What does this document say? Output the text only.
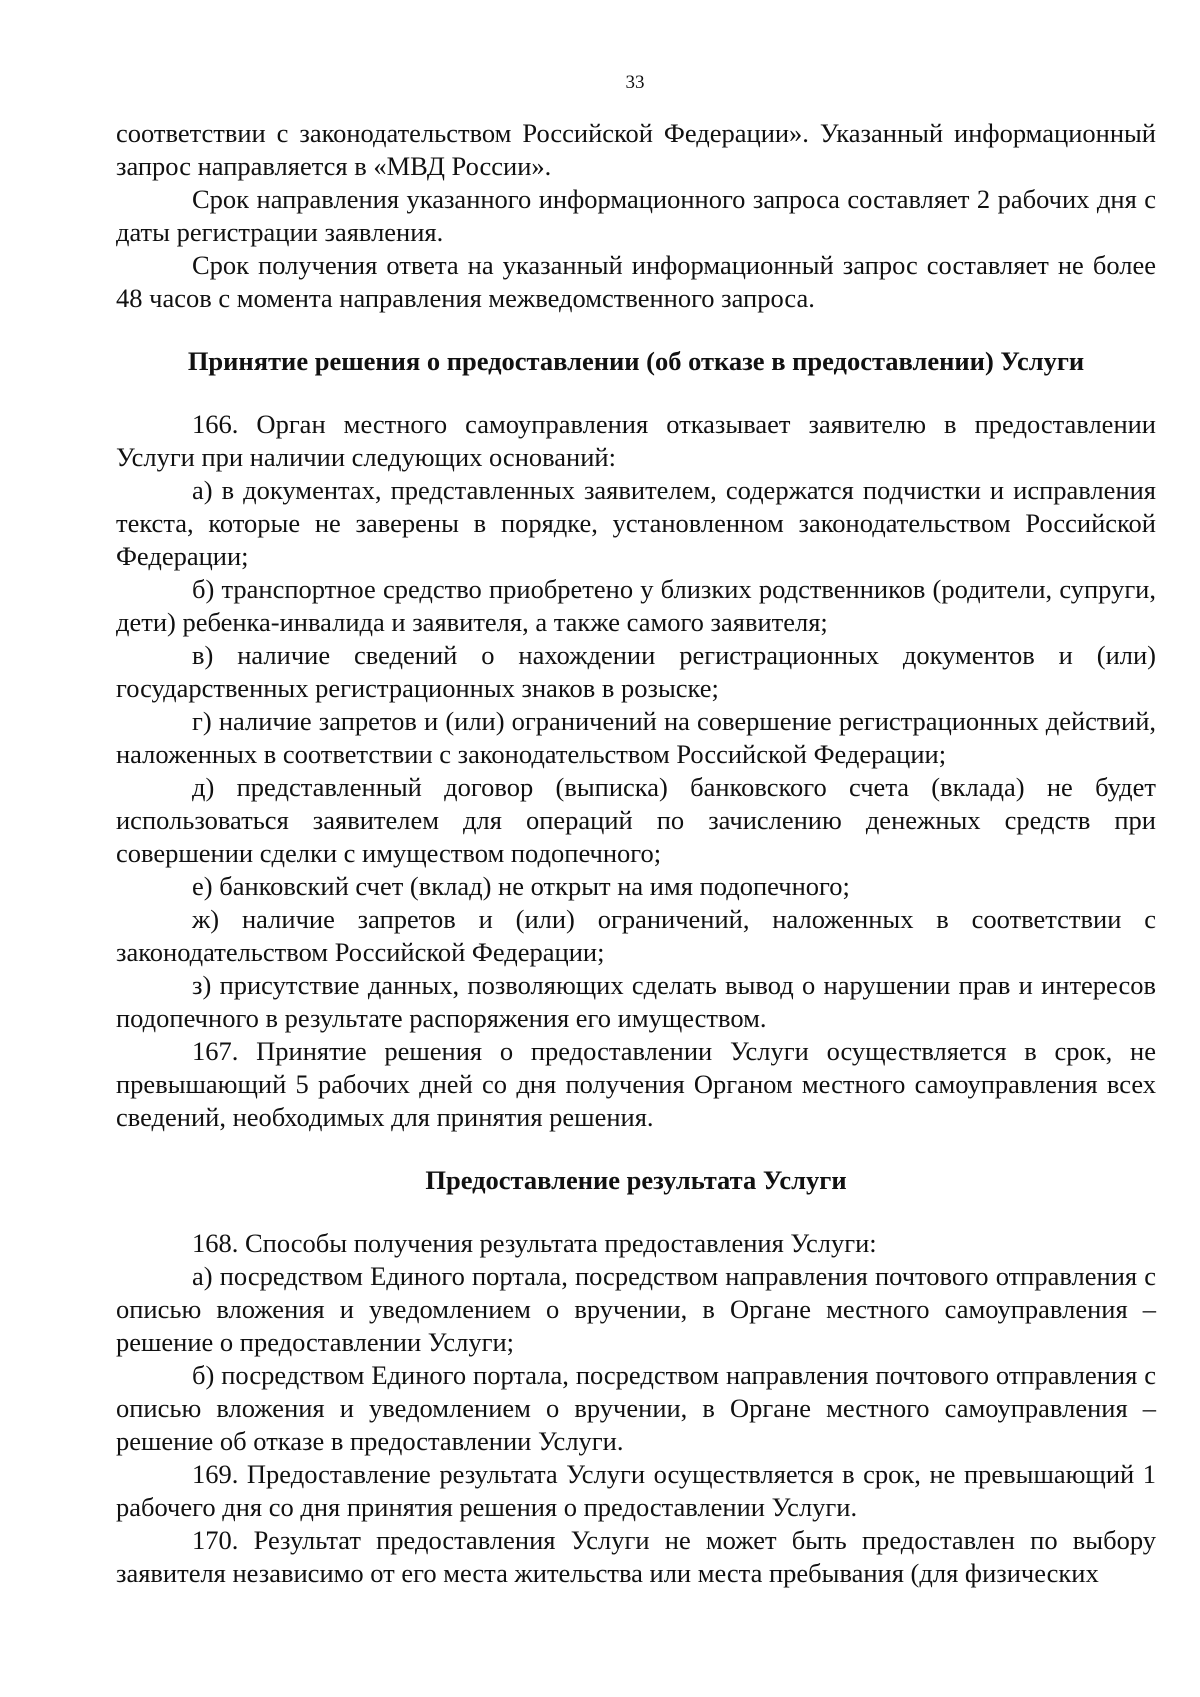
33

соответствии с законодательством Российской Федерации». Указанный информационный запрос направляется в «МВД России».

Срок направления указанного информационного запроса составляет 2 рабочих дня с даты регистрации заявления.

Срок получения ответа на указанный информационный запрос составляет не более 48 часов с момента направления межведомственного запроса.

Принятие решения о предоставлении (об отказе в предоставлении) Услуги

166. Орган местного самоуправления отказывает заявителю в предоставлении Услуги при наличии следующих оснований:

а) в документах, представленных заявителем, содержатся подчистки и исправления текста, которые не заверены в порядке, установленном законодательством Российской Федерации;

б) транспортное средство приобретено у близких родственников (родители, супруги, дети) ребенка-инвалида и заявителя, а также самого заявителя;

в) наличие сведений о нахождении регистрационных документов и (или) государственных регистрационных знаков в розыске;

г) наличие запретов и (или) ограничений на совершение регистрационных действий, наложенных в соответствии с законодательством Российской Федерации;

д) представленный договор (выписка) банковского счета (вклада) не будет использоваться заявителем для операций по зачислению денежных средств при совершении сделки с имуществом подопечного;

е) банковский счет (вклад) не открыт на имя подопечного;

ж) наличие запретов и (или) ограничений, наложенных в соответствии с законодательством Российской Федерации;

з) присутствие данных, позволяющих сделать вывод о нарушении прав и интересов подопечного в результате распоряжения его имуществом.

167. Принятие решения о предоставлении Услуги осуществляется в срок, не превышающий 5 рабочих дней со дня получения Органом местного самоуправления всех сведений, необходимых для принятия решения.

Предоставление результата Услуги

168. Способы получения результата предоставления Услуги:

а) посредством Единого портала, посредством направления почтового отправления с описью вложения и уведомлением о вручении, в Органе местного самоуправления – решение о предоставлении Услуги;

б) посредством Единого портала, посредством направления почтового отправления с описью вложения и уведомлением о вручении, в Органе местного самоуправления – решение об отказе в предоставлении Услуги.

169. Предоставление результата Услуги осуществляется в срок, не превышающий 1 рабочего дня со дня принятия решения о предоставлении Услуги.

170. Результат предоставления Услуги не может быть предоставлен по выбору заявителя независимо от его места жительства или места пребывания (для физических
